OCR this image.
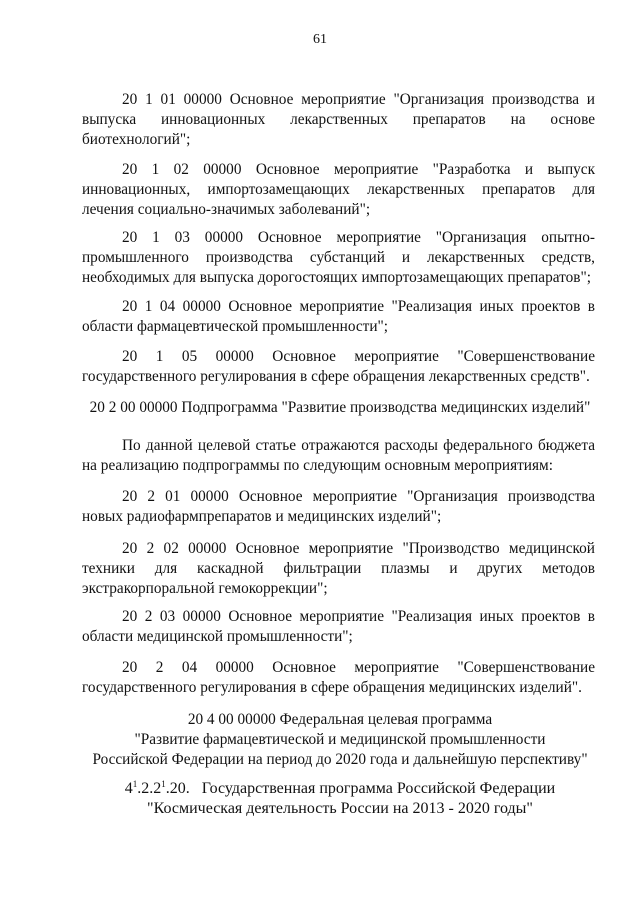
61

20 1 01 00000 Основное мероприятие "Организация производства и выпуска инновационных лекарственных препаратов на основе биотехнологий";

20 1 02 00000 Основное мероприятие "Разработка и выпуск инновационных, импортозамещающих лекарственных препаратов для лечения социально-значимых заболеваний";

20 1 03 00000 Основное мероприятие "Организация опытно-промышленного производства субстанций и лекарственных средств, необходимых для выпуска дорогостоящих импортозамещающих препаратов";

20 1 04 00000 Основное мероприятие "Реализация иных проектов в области фармацевтической промышленности";

20 1 05 00000 Основное мероприятие "Совершенствование государственного регулирования в сфере обращения лекарственных средств".

20 2 00 00000 Подпрограмма "Развитие производства медицинских изделий"

По данной целевой статье отражаются расходы федерального бюджета на реализацию подпрограммы по следующим основным мероприятиям:

20 2 01 00000 Основное мероприятие "Организация производства новых радиофармпрепаратов и медицинских изделий";

20 2 02 00000 Основное мероприятие "Производство медицинской техники для каскадной фильтрации плазмы и других методов экстракорпоральной гемокоррекции";

20 2 03 00000 Основное мероприятие "Реализация иных проектов в области медицинской промышленности";

20 2 04 00000 Основное мероприятие "Совершенствование государственного регулирования в сфере обращения медицинских изделий".

20 4 00 00000 Федеральная целевая программа
"Развитие фармацевтической и медицинской промышленности
Российской Федерации на период до 2020 года и дальнейшую перспективу"
$4^1.2.2^1.20$. Государственная программа Российской Федерации
"Космическая деятельность России на 2013 - 2020 годы"
